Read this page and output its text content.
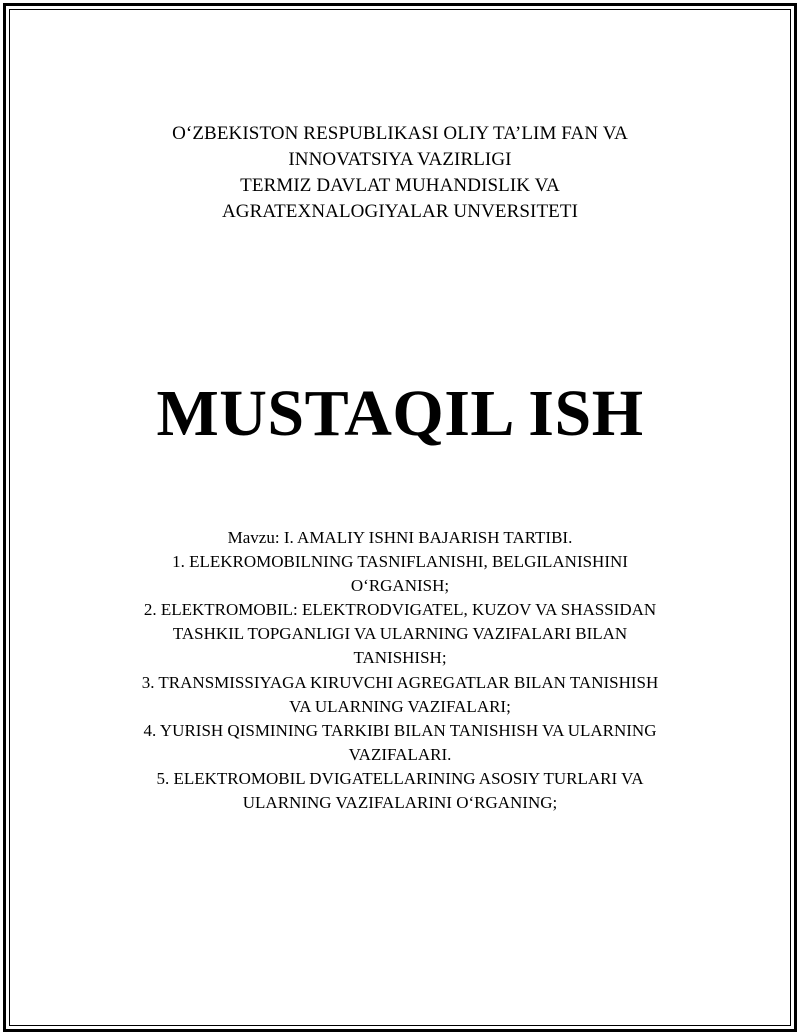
O‘ZBEKISTON RESPUBLIKASI OLIY TA’LIM FAN VA
INNOVATSIYA VAZIRLIGI
TERMIZ DAVLAT MUHANDISLIK VA
AGRATEXNALOGIYALAR UNVERSITETI
MUSTAQIL ISH
Mavzu: I. AMALIY ISHNI BAJARISH TARTIBI.
1. ELEKROMOBILNING TASNIFLANISHI, BELGILANISHINI
O‘RGANISH;
2. ELEKTROMOBIL: ELEKTRODVIGATEL, KUZOV VA SHASSIDAN
TASHKIL TOPGANLIGI VA ULARNING VAZIFALARI BILAN
TANISHISH;
3. TRANSMISSIYAGA KIRUVCHI AGREGATLAR BILAN TANISHISH
VA ULARNING VAZIFALARI;
4. YURISH QISMINING TARKIBI BILAN TANISHISH VA ULARNING
VAZIFALARI.
5. ELEKTROMOBIL DVIGATELLARINING ASOSIY TURLARI VA
ULARNING VAZIFALARINI O‘RGANING;
